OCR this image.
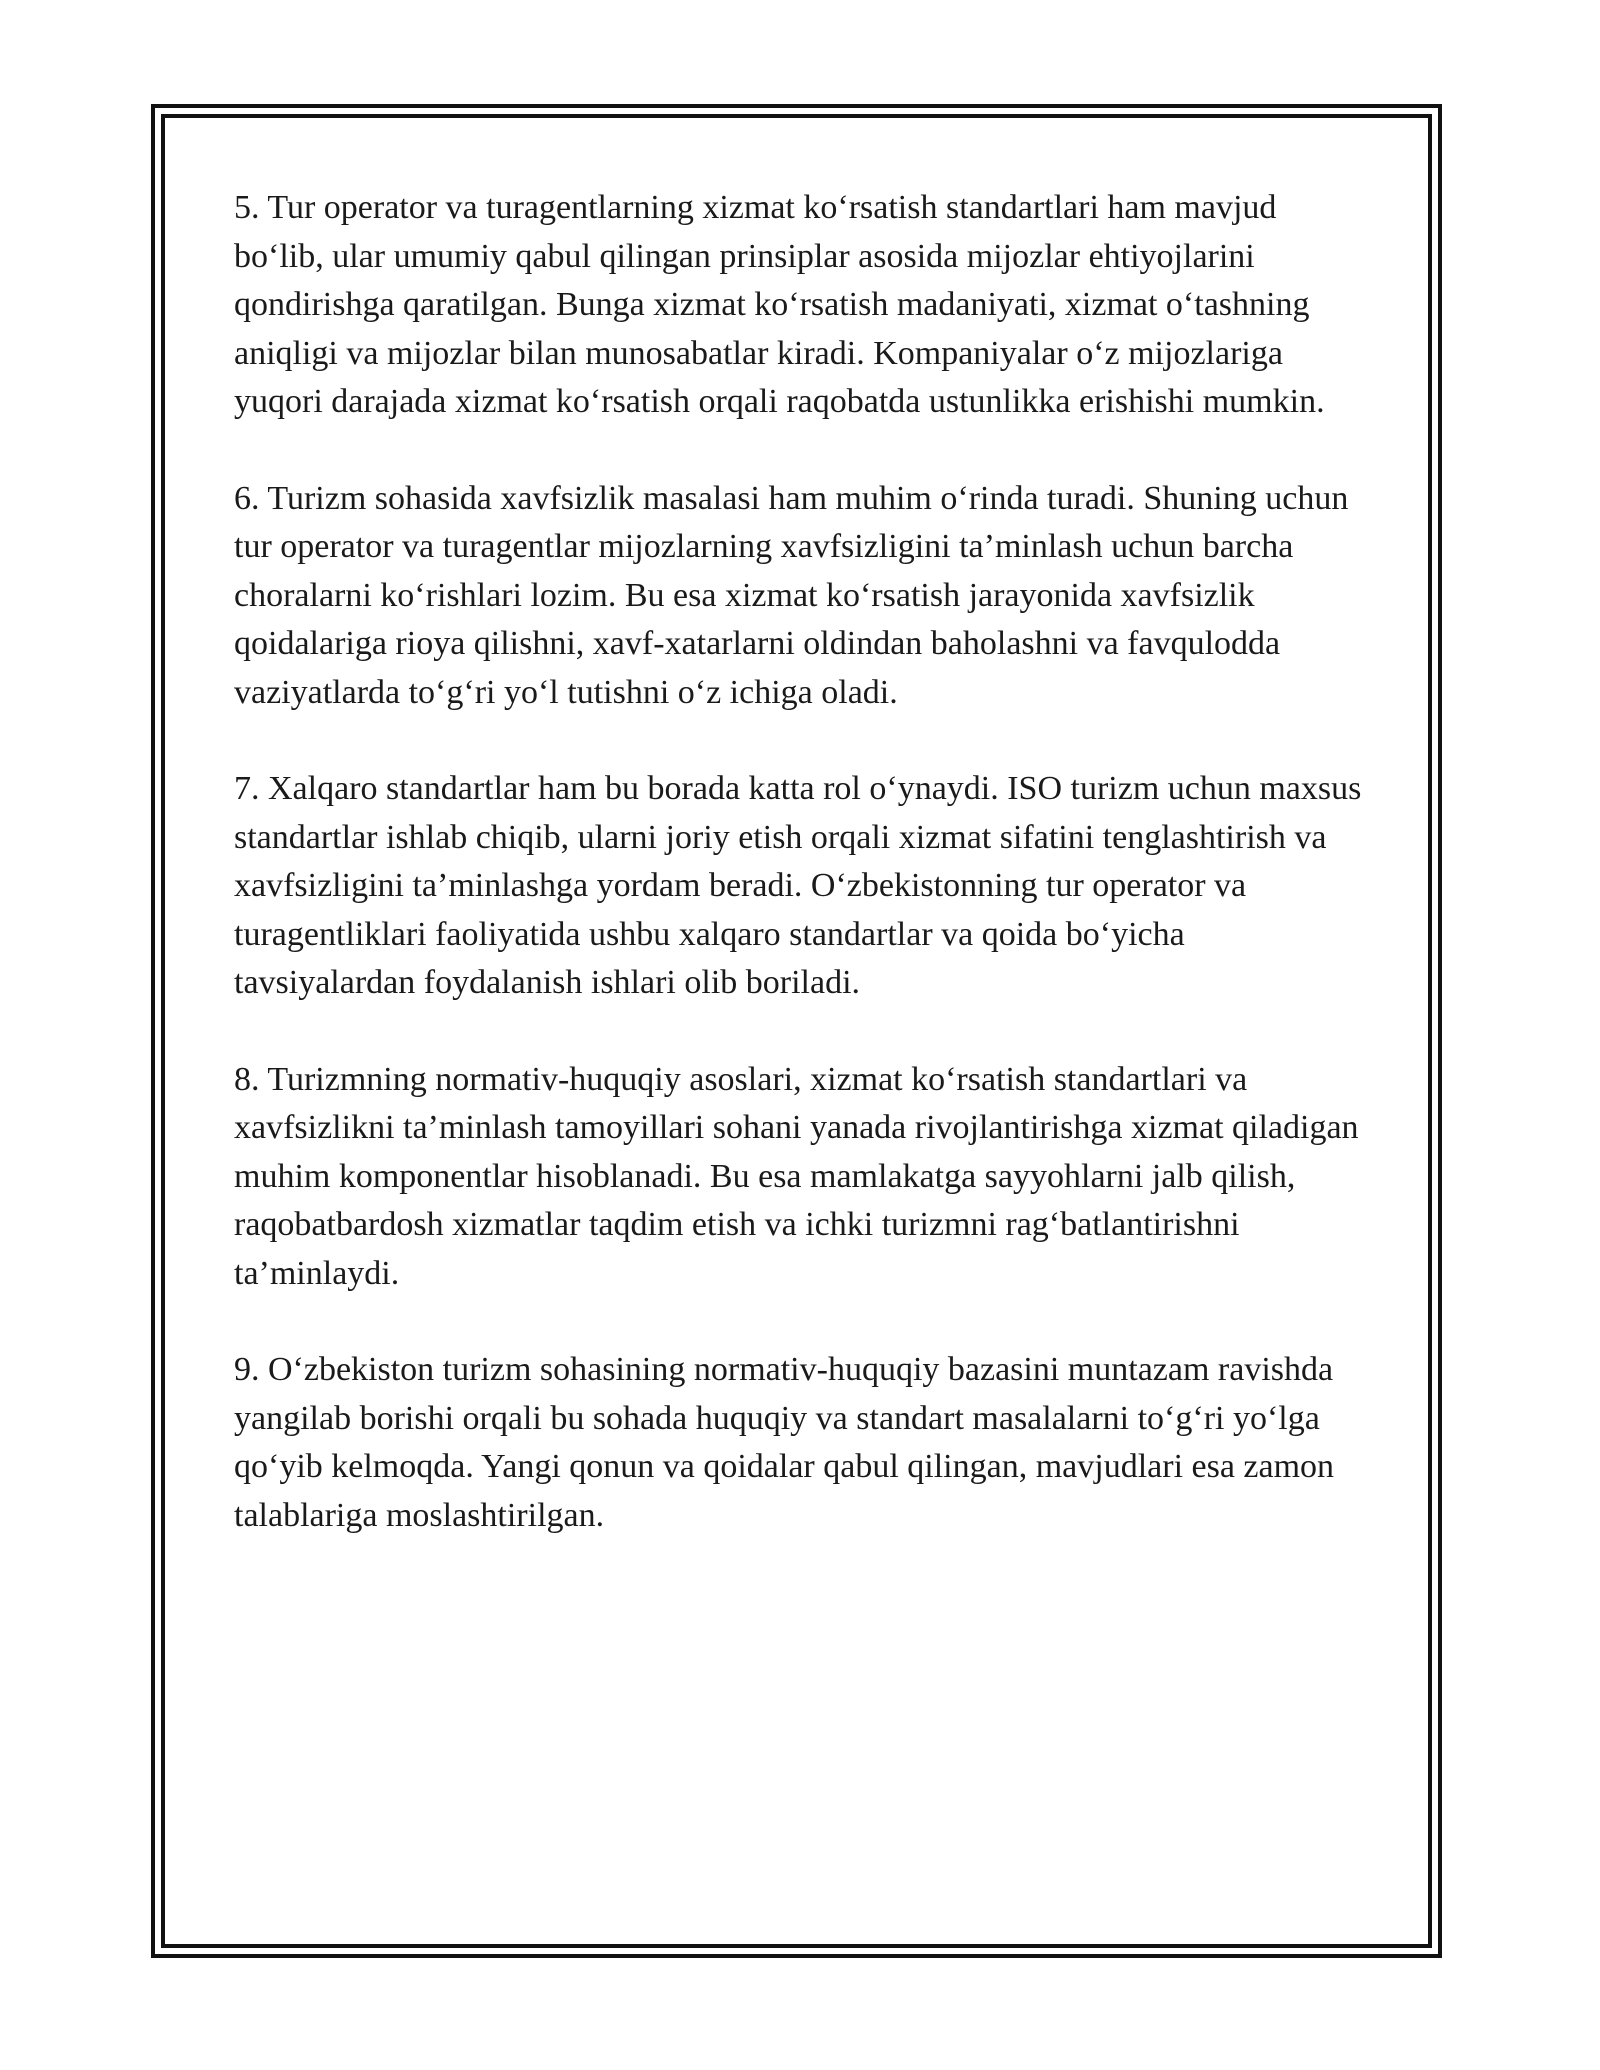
5. Tur operator va turagentlarning xizmat ko‘rsatish standartlari ham mavjud bo‘lib, ular umumiy qabul qilingan prinsiplar asosida mijozlar ehtiyojlarini qondirishga qaratilgan. Bunga xizmat ko‘rsatish madaniyati, xizmat o‘tashning aniqligi va mijozlar bilan munosabatlar kiradi. Kompaniyalar o‘z mijozlariga yuqori darajada xizmat ko‘rsatish orqali raqobatda ustunlikka erishishi mumkin.

6. Turizm sohasida xavfsizlik masalasi ham muhim o‘rinda turadi. Shuning uchun tur operator va turagentlar mijozlarning xavfsizligini ta’minlash uchun barcha choralarni ko‘rishlari lozim. Bu esa xizmat ko‘rsatish jarayonida xavfsizlik qoidalariga rioya qilishni, xavf-xatarlarni oldindan baholashni va favqulodda vaziyatlarda to‘g‘ri yo‘l tutishni o‘z ichiga oladi.

7. Xalqaro standartlar ham bu borada katta rol o‘ynaydi. ISO turizm uchun maxsus standartlar ishlab chiqib, ularni joriy etish orqali xizmat sifatini tenglashtirish va xavfsizligini ta’minlashga yordam beradi. O‘zbekistonning tur operator va turagentliklari faoliyatida ushbu xalqaro standartlar va qoida bo‘yicha tavsiyalardan foydalanish ishlari olib boriladi.

8. Turizmning normativ-huquqiy asoslari, xizmat ko‘rsatish standartlari va xavfsizlikni ta’minlash tamoyillari sohani yanada rivojlantirishga xizmat qiladigan muhim komponentlar hisoblanadi. Bu esa mamlakatga sayyohlarni jalb qilish, raqobatbardosh xizmatlar taqdim etish va ichki turizmni rag‘batlantirishni ta’minlaydi.

9. O‘zbekiston turizm sohasining normativ-huquqiy bazasini muntazam ravishda yangilab borishi orqali bu sohada huquqiy va standart masalalarni to‘g‘ri yo‘lga qo‘yib kelmoqda. Yangi qonun va qoidalar qabul qilingan, mavjudlari esa zamon talablariga moslashtirilgan.
